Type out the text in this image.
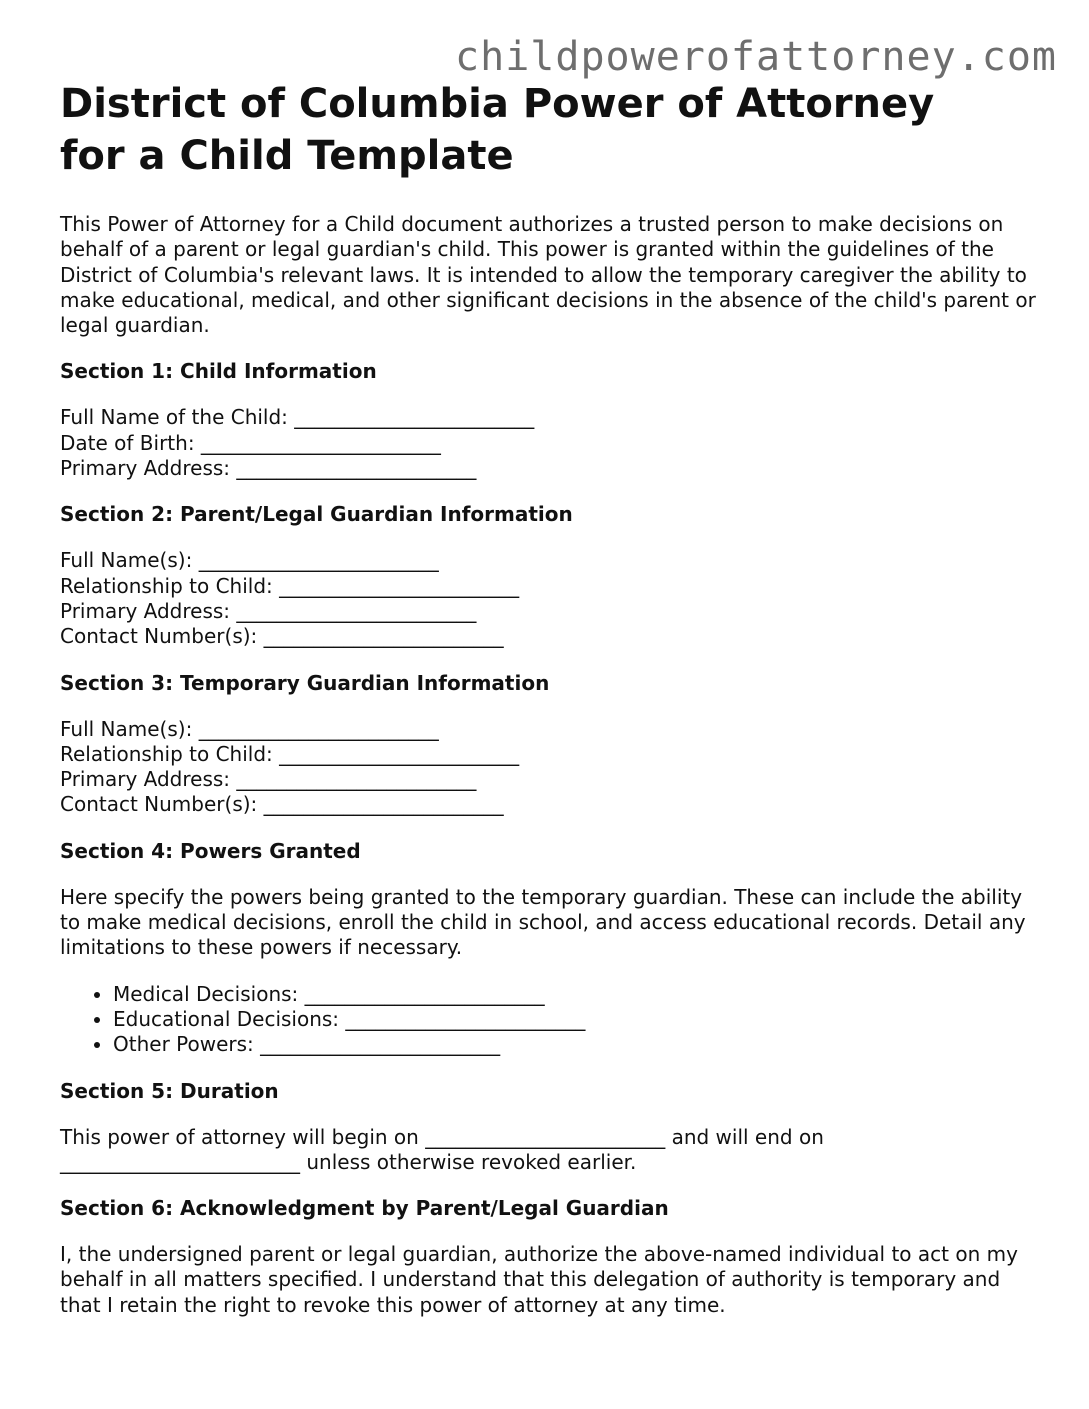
childpowerofattorney.com
District of Columbia Power of Attorney
for a Child Template

This Power of Attorney for a Child document authorizes a trusted person to make decisions on behalf of a parent or legal guardian's child. This power is granted within the guidelines of the District of Columbia's relevant laws. It is intended to allow the temporary caregiver the ability to make educational, medical, and other significant decisions in the absence of the child's parent or legal guardian.

Section 1: Child Information
Full Name of the Child: ________________________
Date of Birth: ________________________
Primary Address: ________________________
Section 2: Parent/Legal Guardian Information
Full Name(s): ________________________
Relationship to Child: ________________________
Primary Address: ________________________
Contact Number(s): ________________________
Section 3: Temporary Guardian Information
Full Name(s): ________________________
Relationship to Child: ________________________
Primary Address: ________________________
Contact Number(s): ________________________
Section 4: Powers Granted

Here specify the powers being granted to the temporary guardian. These can include the ability to make medical decisions, enroll the child in school, and access educational records. Detail any limitations to these powers if necessary.

• Medical Decisions: ________________________
• Educational Decisions: ________________________
• Other Powers: ________________________
Section 5: Duration

This power of attorney will begin on ________________________ and will end on
________________________ unless otherwise revoked earlier.

Section 6: Acknowledgment by Parent/Legal Guardian

I, the undersigned parent or legal guardian, authorize the above-named individual to act on my behalf in all matters specified. I understand that this delegation of authority is temporary and that I retain the right to revoke this power of attorney at any time.
